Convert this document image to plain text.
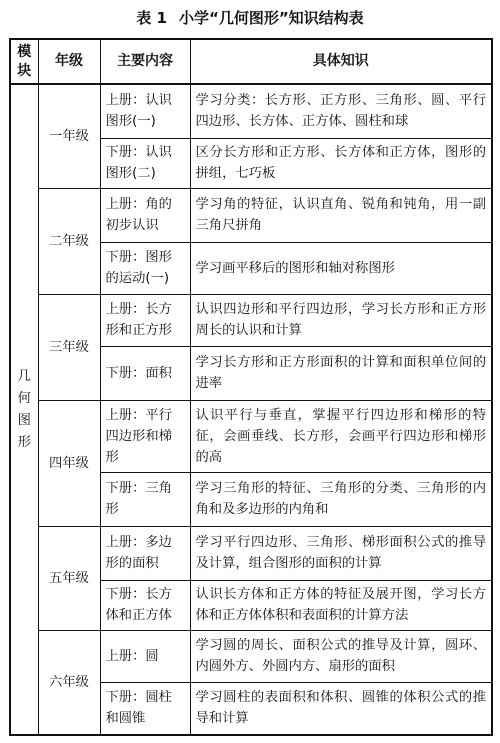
表 1 小学“几何图形”知识结构表
模块	年级	主要内容	具体知识

几
何
图
形	一年级	上册：认识图形(一)	学习分类：长方形、正方形、三角形、圆、平行四边形、长方体、正方体、圆柱和球
		下册：认识图形(二)	区分长方形和正方形、长方体和正方体，图形的拼组，七巧板
	二年级	上册：角的初步认识	学习角的特征，认识直角、锐角和钝角，用一副三角尺拼角
		下册：图形的运动(一)	学习画平移后的图形和轴对称图形
	三年级	上册：长方形和正方形	认识四边形和平行四边形，学习长方形和正方形周长的认识和计算
		下册：面积	学习长方形和正方形面积的计算和面积单位间的进率
	四年级	上册：平行四边形和梯形	认识平行与垂直，掌握平行四边形和梯形的特征，会画垂线、长方形，会画平行四边形和梯形的高
		下册：三角形	学习三角形的特征、三角形的分类、三角形的内角和及多边形的内角和
	五年级	上册：多边形的面积	学习平行四边形、三角形、梯形面积公式的推导及计算，组合图形的面积的计算
		下册：长方体和正方体	认识长方体和正方体的特征及展开图，学习长方体和正方体体积和表面积的计算方法
	六年级	上册：圆	学习圆的周长、面积公式的推导及计算，圆环、内圆外方、外圆内方、扇形的面积
		下册：圆柱和圆锥	学习圆柱的表面积和体积、圆锥的体积公式的推导和计算
